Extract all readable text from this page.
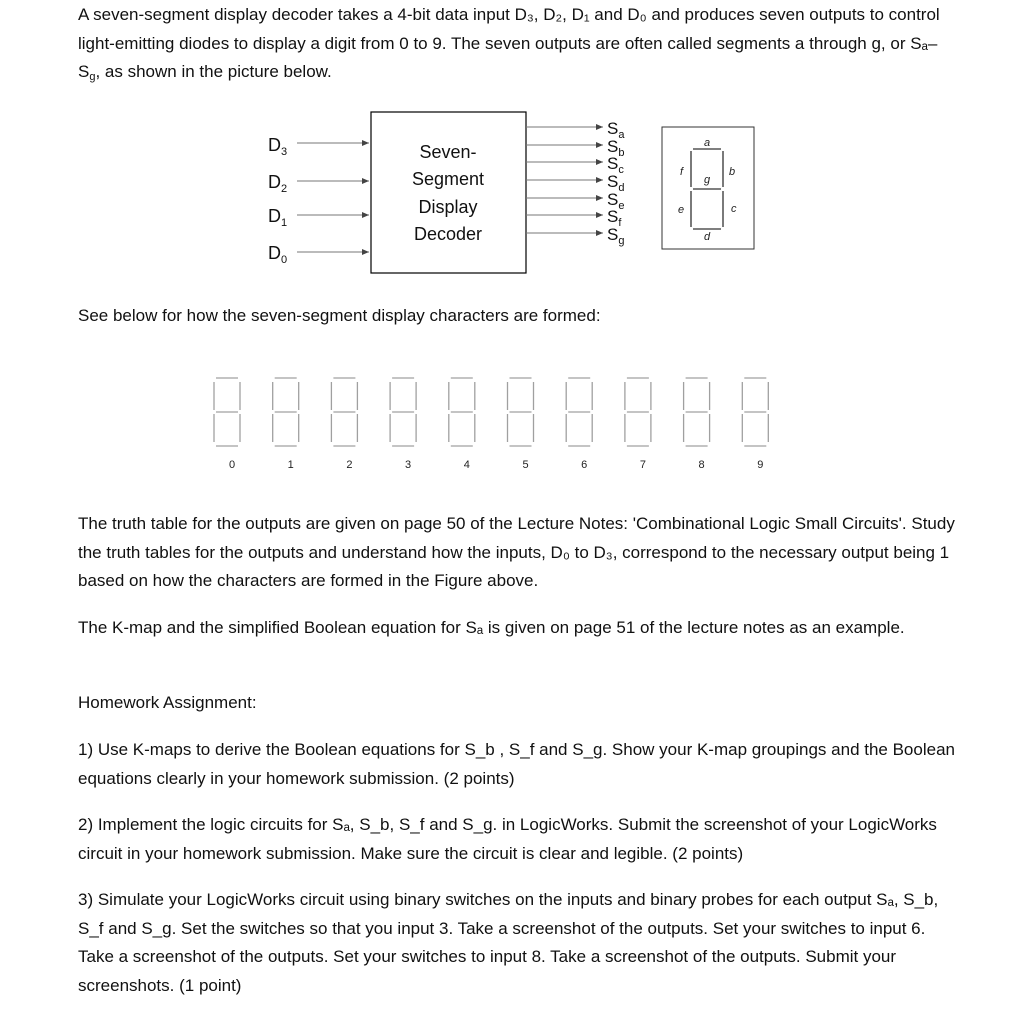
A seven-segment display decoder takes a 4-bit data input D₃, D₂, D₁ and D₀ and produces seven outputs to control light-emitting diodes to display a digit from 0 to 9. The seven outputs are often called segments a through g, or Sₐ–Sg, as shown in the picture below.
$D_3$
$D_2$
$D_1$
$D_0$
Seven-
Segment
Display
Decoder
$S_a$
$S_b$
$S_c$
$S_d$
$S_e$
$S_f$
$S_g$
a
b
f
g
e	c
d
See below for how the seven-segment display characters are formed:
0	1	2	3	4	5	6	7	8	9
The truth table for the outputs are given on page 50 of the Lecture Notes: 'Combinational Logic Small Circuits'. Study the truth tables for the outputs and understand how the inputs, D₀ to D₃, correspond to the necessary output being 1 based on how the characters are formed in the Figure above.
The K-map and the simplified Boolean equation for Sₐ is given on page 51 of the lecture notes as an example.
Homework Assignment:
1) Use K-maps to derive the Boolean equations for S_b , S_f and S_g. Show your K-map groupings and the Boolean equations clearly in your homework submission. (2 points)
2) Implement the logic circuits for Sₐ, S_b, S_f and S_g. in LogicWorks. Submit the screenshot of your LogicWorks circuit in your homework submission. Make sure the circuit is clear and legible. (2 points)
3) Simulate your LogicWorks circuit using binary switches on the inputs and binary probes for each output Sₐ, S_b, S_f and S_g. Set the switches so that you input 3. Take a screenshot of the outputs. Set your switches to input 6. Take a screenshot of the outputs. Set your switches to input 8. Take a screenshot of the outputs. Submit your screenshots. (1 point)
